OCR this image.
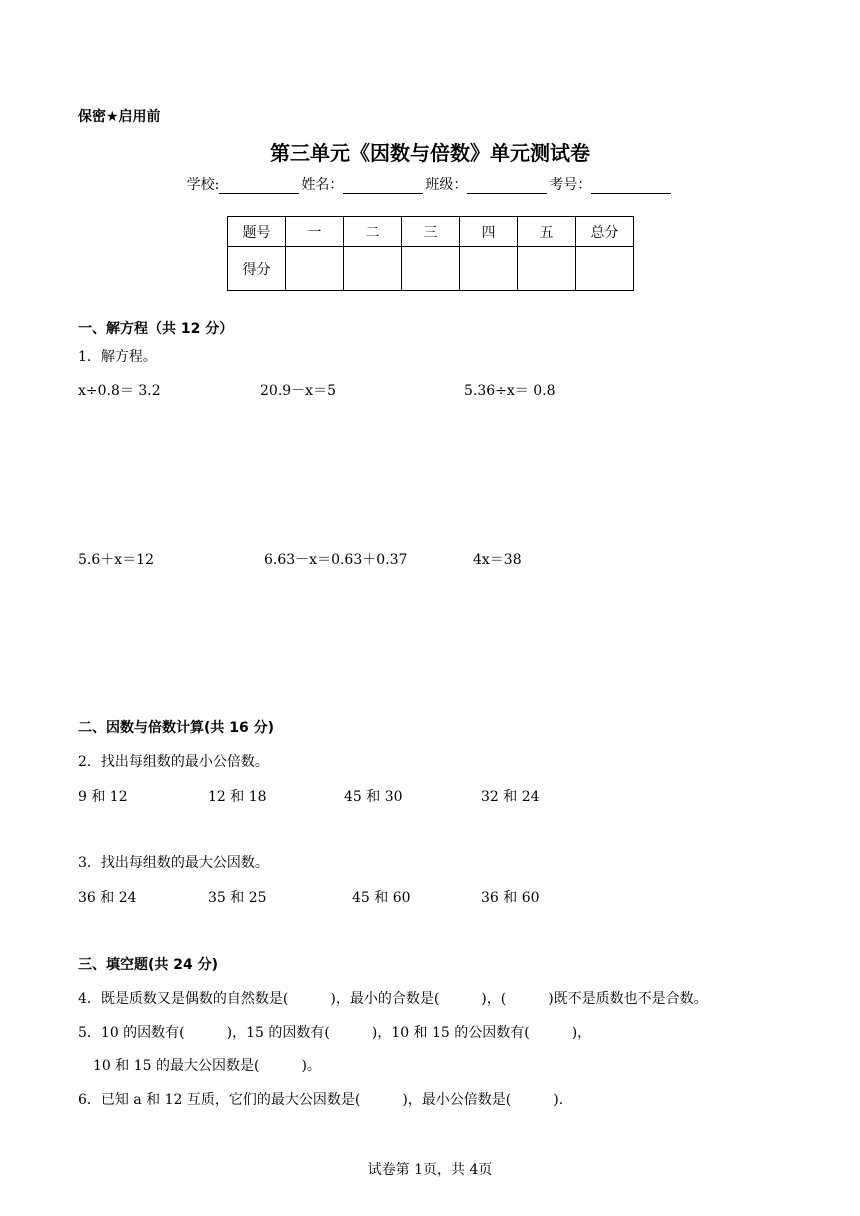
保密★启用前
第三单元《因数与倍数》单元测试卷
学校:	姓名：	班级：	考号：
题号	一	二	三	四	五	总分
得分						
一、解方程（共 12 分）
1．解方程。
x÷0.8＝ 3.2	20.9－x＝5	5.36÷x＝ 0.8
5.6＋x＝12	6.63－x＝0.63＋0.37	4x＝38
二、因数与倍数计算(共 16 分)
2．找出每组数的最小公倍数。
9 和 12	12 和 18	45 和 30	32 和 24
3．找出每组数的最大公因数。
36 和 24	35 和 25	45 和 60	36 和 60
三、填空题(共 24 分)
4．既是质数又是偶数的自然数是(　　　)，最小的合数是(　　　)，(　　　)既不是质数也不是合数。
5．10 的因数有(　　　)，15 的因数有(　　　)，10 和 15 的公因数有(　　　)，
10 和 15 的最大公因数是(　　　)。
6．已知 a 和 12 互质，它们的最大公因数是(　　　)，最小公倍数是(　　　).
试卷第 1页，共 4页
